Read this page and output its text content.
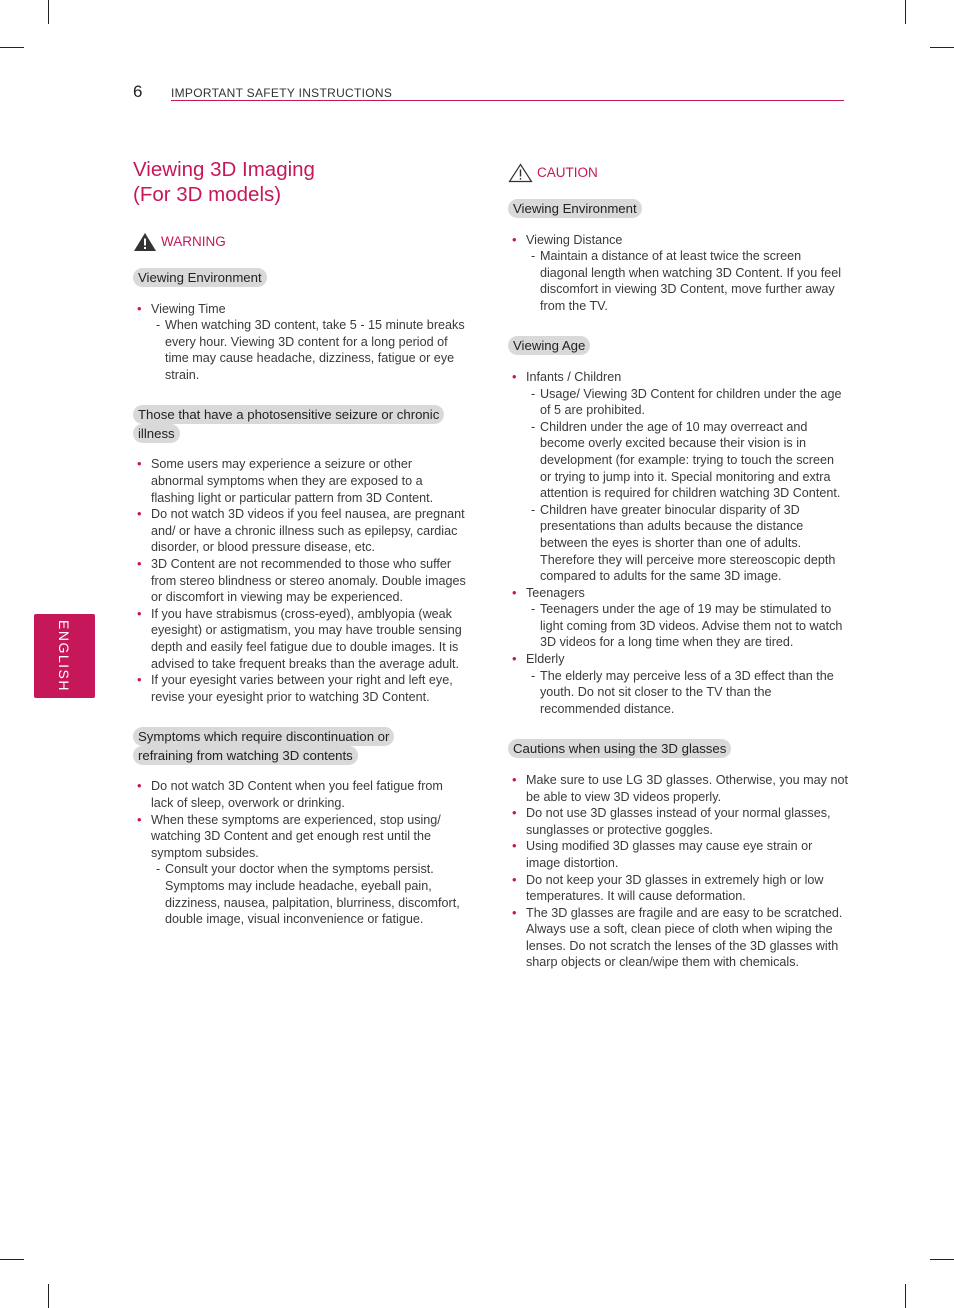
6 IMPORTANT SAFETY INSTRUCTIONS
ENGLISH
Viewing 3D Imaging
(For 3D models)
WARNING
Viewing Environment
• Viewing Time
- When watching 3D content, take 5 - 15 minute breaks every hour. Viewing 3D content for a long period of time may cause headache, dizziness, fatigue or eye strain.
Those that have a photosensitive seizure or chronic illness
• Some users may experience a seizure or other abnormal symptoms when they are exposed to a flashing light or particular pattern from 3D Content.
• Do not watch 3D videos if you feel nausea, are pregnant and/ or have a chronic illness such as epilepsy, cardiac disorder, or blood pressure disease, etc.
• 3D Content are not recommended to those who suffer from stereo blindness or stereo anomaly. Double images or discomfort in viewing may be experienced.
• If you have strabismus (cross-eyed), amblyopia (weak eyesight) or astigmatism, you may have trouble sensing depth and easily feel fatigue due to double images. It is advised to take frequent breaks than the average adult.
• If your eyesight varies between your right and left eye, revise your eyesight prior to watching 3D Content.
Symptoms which require discontinuation or refraining from watching 3D contents
• Do not watch 3D Content when you feel fatigue from lack of sleep, overwork or drinking.
• When these symptoms are experienced, stop using/ watching 3D Content and get enough rest until the symptom subsides.
- Consult your doctor when the symptoms persist. Symptoms may include headache, eyeball pain, dizziness, nausea, palpitation, blurriness, discomfort, double image, visual inconvenience or fatigue.
CAUTION
Viewing Environment
• Viewing Distance
- Maintain a distance of at least twice the screen diagonal length when watching 3D Content. If you feel discomfort in viewing 3D Content, move further away from the TV.
Viewing Age
• Infants / Children
- Usage/ Viewing 3D Content for children under the age of 5 are prohibited.
- Children under the age of 10 may overreact and become overly excited because their vision is in development (for example: trying to touch the screen or trying to jump into it. Special monitoring and extra attention is required for children watching 3D Content.
- Children have greater binocular disparity of 3D presentations than adults because the distance between the eyes is shorter than one of adults. Therefore they will perceive more stereoscopic depth compared to adults for the same 3D image.
• Teenagers
- Teenagers under the age of 19 may be stimulated to light coming from 3D videos. Advise them not to watch 3D videos for a long time when they are tired.
• Elderly
- The elderly may perceive less of a 3D effect than the youth. Do not sit closer to the TV than the recommended distance.
Cautions when using the 3D glasses
• Make sure to use LG 3D glasses. Otherwise, you may not be able to view 3D videos properly.
• Do not use 3D glasses instead of your normal glasses, sunglasses or protective goggles.
• Using modified 3D glasses may cause eye strain or image distortion.
• Do not keep your 3D glasses in extremely high or low temperatures. It will cause deformation.
• The 3D glasses are fragile and are easy to be scratched. Always use a soft, clean piece of cloth when wiping the lenses. Do not scratch the lenses of the 3D glasses with sharp objects or clean/wipe them with chemicals.
